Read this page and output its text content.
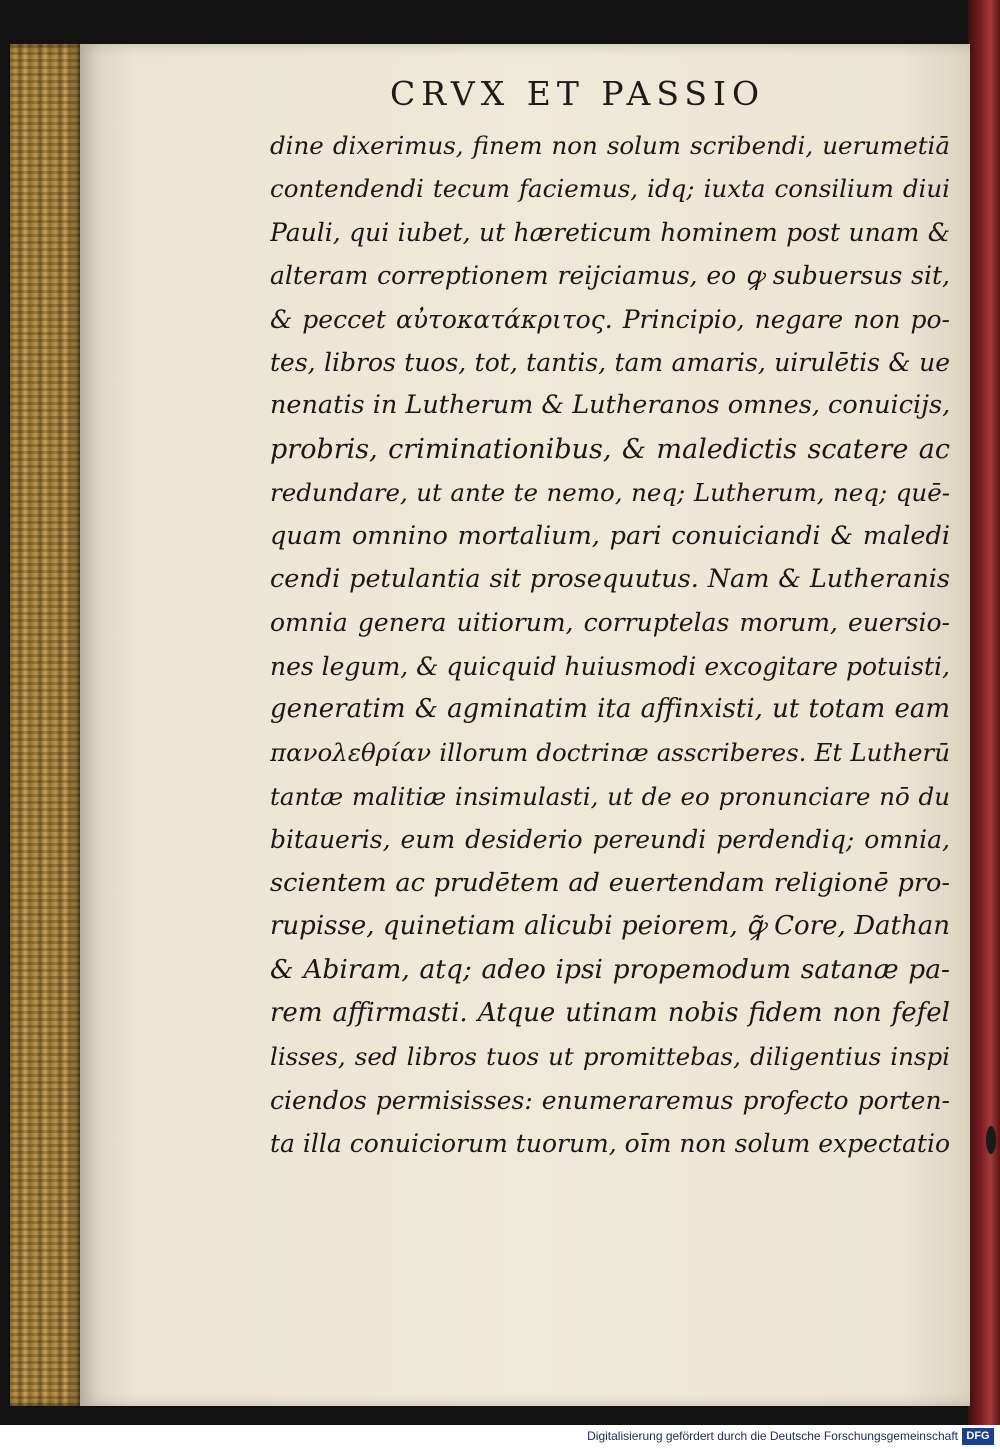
CRVX ET PASSIO
dine dixerimus, finem non solum scribendi, uerumetiā
contendendi tecum faciemus, idq; iuxta consilium diui
Pauli, qui iubet, ut hæreticum hominem post unam &
alteram correptionem reijciamus, eo ꝙ subuersus sit,
& peccet αὐτοκατάκριτος. Principio, negare non po-
tes, libros tuos, tot, tantis, tam amaris, uirulētis & ue
nenatis in Lutherum & Lutheranos omnes, conuicijs,
probris, criminationibus, & maledictis scatere ac
redundare, ut ante te nemo, neq; Lutherum, neq; quē-
quam omnino mortalium, pari conuiciandi & maledi
cendi petulantia sit prosequutus. Nam & Lutheranis
omnia genera uitiorum, corruptelas morum, euersio-
nes legum, & quicquid huiusmodi excogitare potuisti,
generatim & agminatim ita affinxisti, ut totam eam
πανολεθρίαν illorum doctrinæ asscriberes. Et Lutherū
tantæ malitiæ insimulasti, ut de eo pronunciare nō du
bitaueris, eum desiderio pereundi perdendiq; omnia,
scientem ac prudētem ad euertendam religionē pro-
rupisse, quinetiam alicubi peiorem, ꝙ̃ Core, Dathan
& Abiram, atq; adeo ipsi propemodum satanæ pa-
rem affirmasti. Atque utinam nobis fidem non fefel
lisses, sed libros tuos ut promittebas, diligentius inspi
ciendos permisisses: enumeraremus profecto porten-
ta illa conuiciorum tuorum, oīm non solum expectatio
Digitalisierung gefördert durch die Deutsche Forschungsgemeinschaft DFG
